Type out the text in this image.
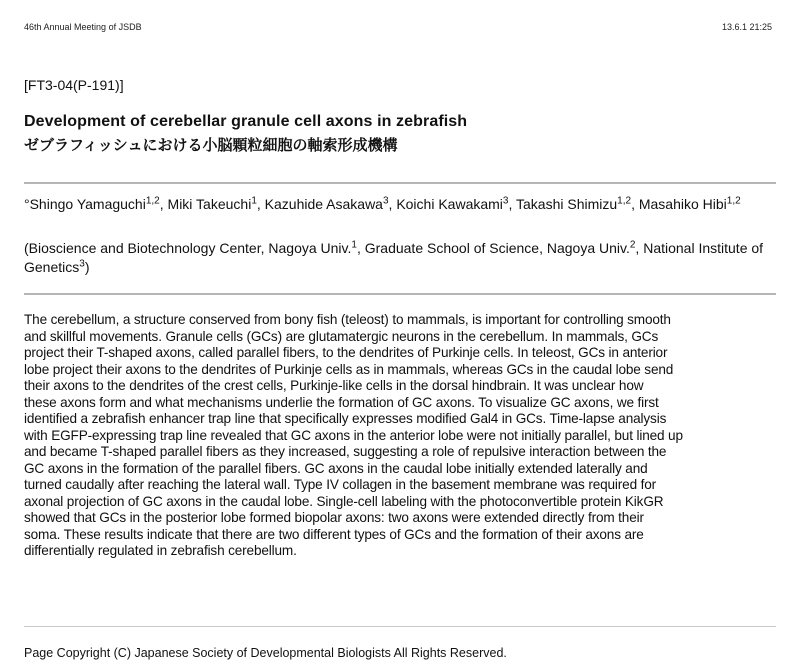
46th Annual Meeting of JSDB	13.6.1 21:25
[FT3-04(P-191)]
Development of cerebellar granule cell axons in zebrafish
ゼブラフィッシュにおける小脳顆粒細胞の軸索形成機構
°Shingo Yamaguchi$^{1,2}$, Miki Takeuchi$^1$, Kazuhide Asakawa$^3$, Koichi Kawakami$^3$, Takashi Shimizu$^{1,2}$, Masahiko Hibi$^{1,2}$
(Bioscience and Biotechnology Center, Nagoya Univ.$^1$, Graduate School of Science, Nagoya Univ.$^2$, National Institute of Genetics$^3$)
The cerebellum, a structure conserved from bony fish (teleost) to mammals, is important for controlling smooth
and skillful movements. Granule cells (GCs) are glutamatergic neurons in the cerebellum. In mammals, GCs
project their T-shaped axons, called parallel fibers, to the dendrites of Purkinje cells. In teleost, GCs in anterior
lobe project their axons to the dendrites of Purkinje cells as in mammals, whereas GCs in the caudal lobe send
their axons to the dendrites of the crest cells, Purkinje-like cells in the dorsal hindbrain. It was unclear how
these axons form and what mechanisms underlie the formation of GC axons. To visualize GC axons, we first
identified a zebrafish enhancer trap line that specifically expresses modified Gal4 in GCs. Time-lapse analysis
with EGFP-expressing trap line revealed that GC axons in the anterior lobe were not initially parallel, but lined up
and became T-shaped parallel fibers as they increased, suggesting a role of repulsive interaction between the
GC axons in the formation of the parallel fibers. GC axons in the caudal lobe initially extended laterally and
turned caudally after reaching the lateral wall. Type IV collagen in the basement membrane was required for
axonal projection of GC axons in the caudal lobe. Single-cell labeling with the photoconvertible protein KikGR
showed that GCs in the posterior lobe formed biopolar axons: two axons were extended directly from their
soma. These results indicate that there are two different types of GCs and the formation of their axons are
differentially regulated in zebrafish cerebellum.
Page Copyright (C) Japanese Society of Developmental Biologists All Rights Reserved.
